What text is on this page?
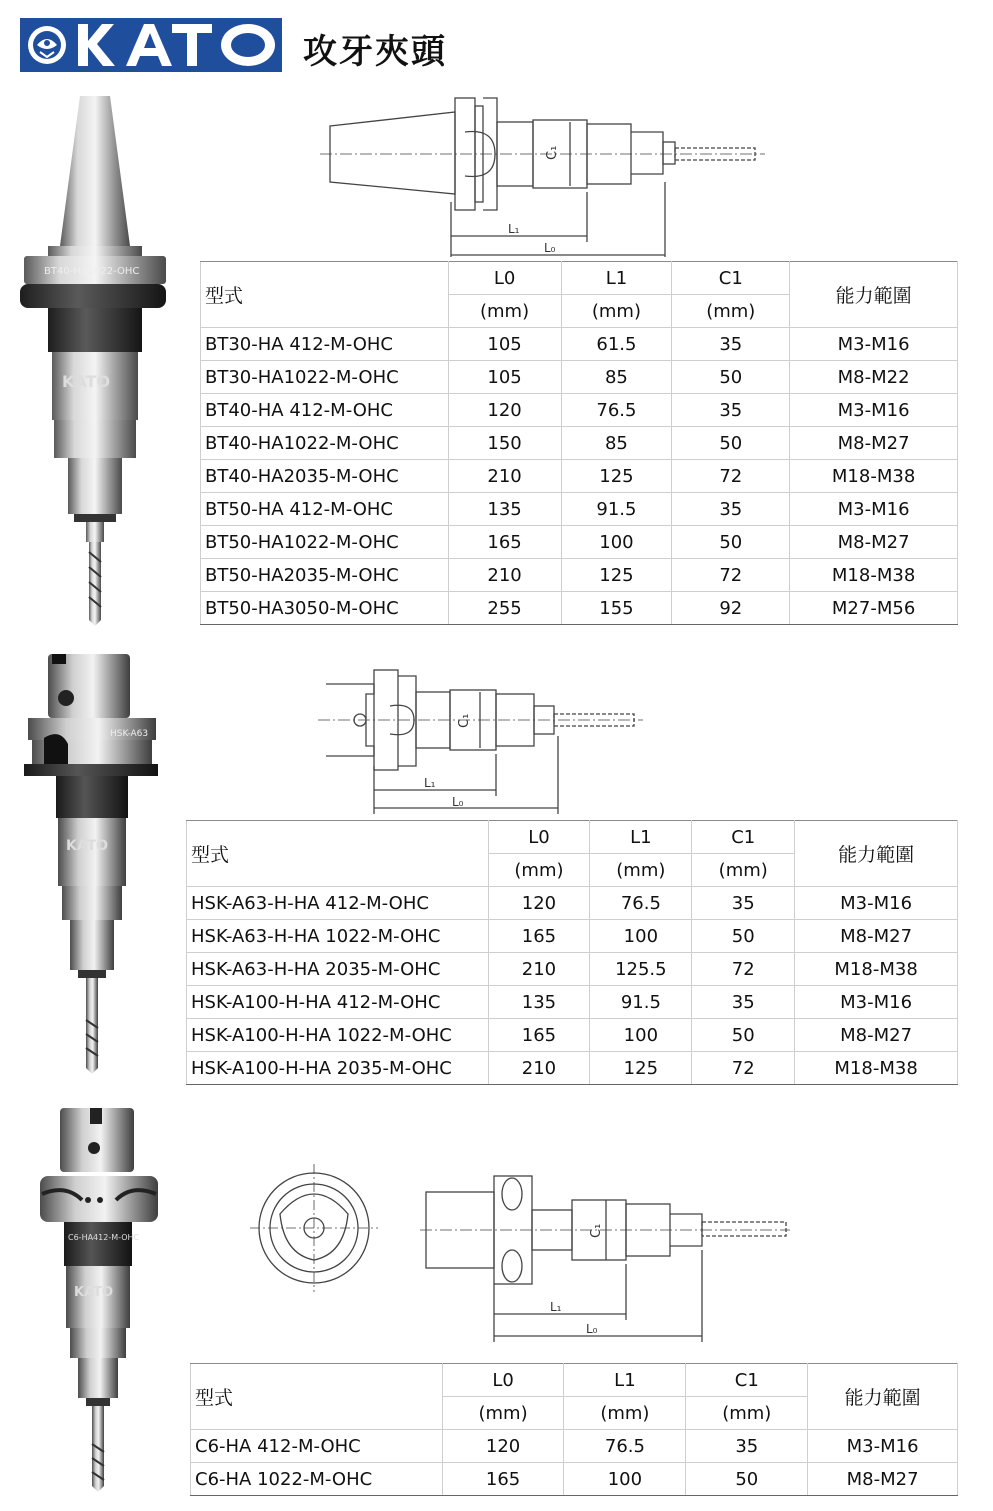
攻牙夾頭
BT40-HA1022-OHC
KATO
C₁
L₁
L₀
型式	L0	L1	C1	能力範圍
	(mm)	(mm)	(mm)	
BT30-HA 412-M-OHC	105	61.5	35	M3-M16
BT30-HA1022-M-OHC	105	85	50	M8-M22
BT40-HA 412-M-OHC	120	76.5	35	M3-M16
BT40-HA1022-M-OHC	150	85	50	M8-M27
BT40-HA2035-M-OHC	210	125	72	M18-M38
BT50-HA 412-M-OHC	135	91.5	35	M3-M16
BT50-HA1022-M-OHC	165	100	50	M8-M27
BT50-HA2035-M-OHC	210	125	72	M18-M38
BT50-HA3050-M-OHC	255	155	92	M27-M56
HSK-A63
KATO
C₁
L₁
L₀
型式	L0	L1	C1	能力範圍
	(mm)	(mm)	(mm)	
HSK-A63-H-HA 412-M-OHC	120	76.5	35	M3-M16
HSK-A63-H-HA 1022-M-OHC	165	100	50	M8-M27
HSK-A63-H-HA 2035-M-OHC	210	125.5	72	M18-M38
HSK-A100-H-HA 412-M-OHC	135	91.5	35	M3-M16
HSK-A100-H-HA 1022-M-OHC	165	100	50	M8-M27
HSK-A100-H-HA 2035-M-OHC	210	125	72	M18-M38
C6-HA412-M-OHC
KATO
C₁
L₁
L₀
型式	L0	L1	C1	能力範圍
	(mm)	(mm)	(mm)	
C6-HA 412-M-OHC	120	76.5	35	M3-M16
C6-HA 1022-M-OHC	165	100	50	M8-M27
